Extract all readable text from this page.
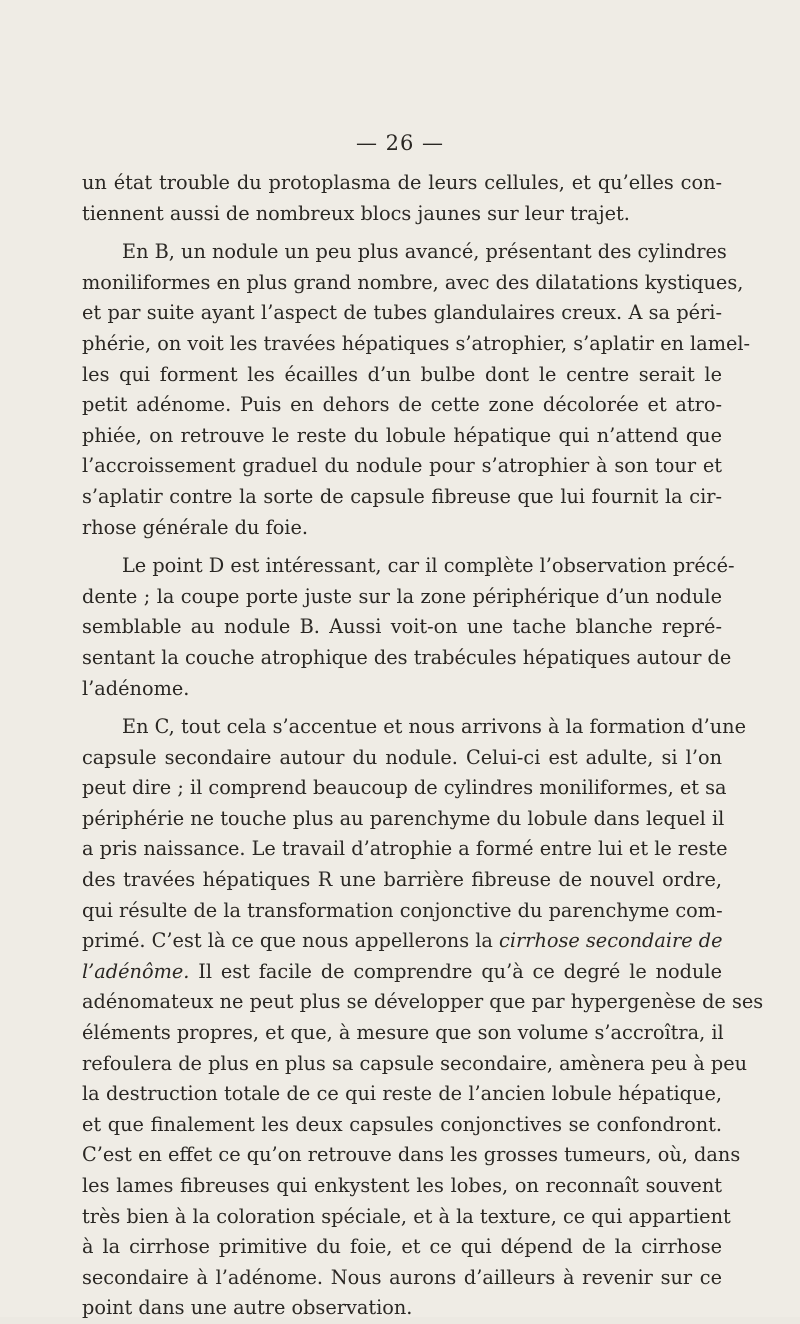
— 26 —
un état trouble du protoplasma de leurs cellules, et qu’elles con-
tiennent aussi de nombreux blocs jaunes sur leur trajet.
En B, un nodule un peu plus avancé, présentant des cylindres
moniliformes en plus grand nombre, avec des dilatations kystiques,
et par suite ayant l’aspect de tubes glandulaires creux. A sa péri-
phérie, on voit les travées hépatiques s’atrophier, s’aplatir en lamel-
les qui forment les écailles d’un bulbe dont le centre serait le
petit adénome. Puis en dehors de cette zone décolorée et atro-
phiée, on retrouve le reste du lobule hépatique qui n’attend que
l’accroissement graduel du nodule pour s’atrophier à son tour et
s’aplatir contre la sorte de capsule fibreuse que lui fournit la cir-
rhose générale du foie.
Le point D est intéressant, car il complète l’observation précé-
dente ; la coupe porte juste sur la zone périphérique d’un nodule
semblable au nodule B. Aussi voit-on une tache blanche repré-
sentant la couche atrophique des trabécules hépatiques autour de
l’adénome.
En C, tout cela s’accentue et nous arrivons à la formation d’une
capsule secondaire autour du nodule. Celui-ci est adulte, si l’on
peut dire ; il comprend beaucoup de cylindres moniliformes, et sa
périphérie ne touche plus au parenchyme du lobule dans lequel il
a pris naissance. Le travail d’atrophie a formé entre lui et le reste
des travées hépatiques R une barrière fibreuse de nouvel ordre,
qui résulte de la transformation conjonctive du parenchyme com-
primé. C’est là ce que nous appellerons la cirrhose secondaire de
l’adénôme. Il est facile de comprendre qu’à ce degré le nodule
adénomateux ne peut plus se développer que par hypergenèse de ses
éléments propres, et que, à mesure que son volume s’accroîtra, il
refoulera de plus en plus sa capsule secondaire, amènera peu à peu
la destruction totale de ce qui reste de l’ancien lobule hépatique,
et que finalement les deux capsules conjonctives se confondront.
C’est en effet ce qu’on retrouve dans les grosses tumeurs, où, dans
les lames fibreuses qui enkystent les lobes, on reconnaît souvent
très bien à la coloration spéciale, et à la texture, ce qui appartient
à la cirrhose primitive du foie, et ce qui dépend de la cirrhose
secondaire à l’adénome. Nous aurons d’ailleurs à revenir sur ce
point dans une autre observation.
